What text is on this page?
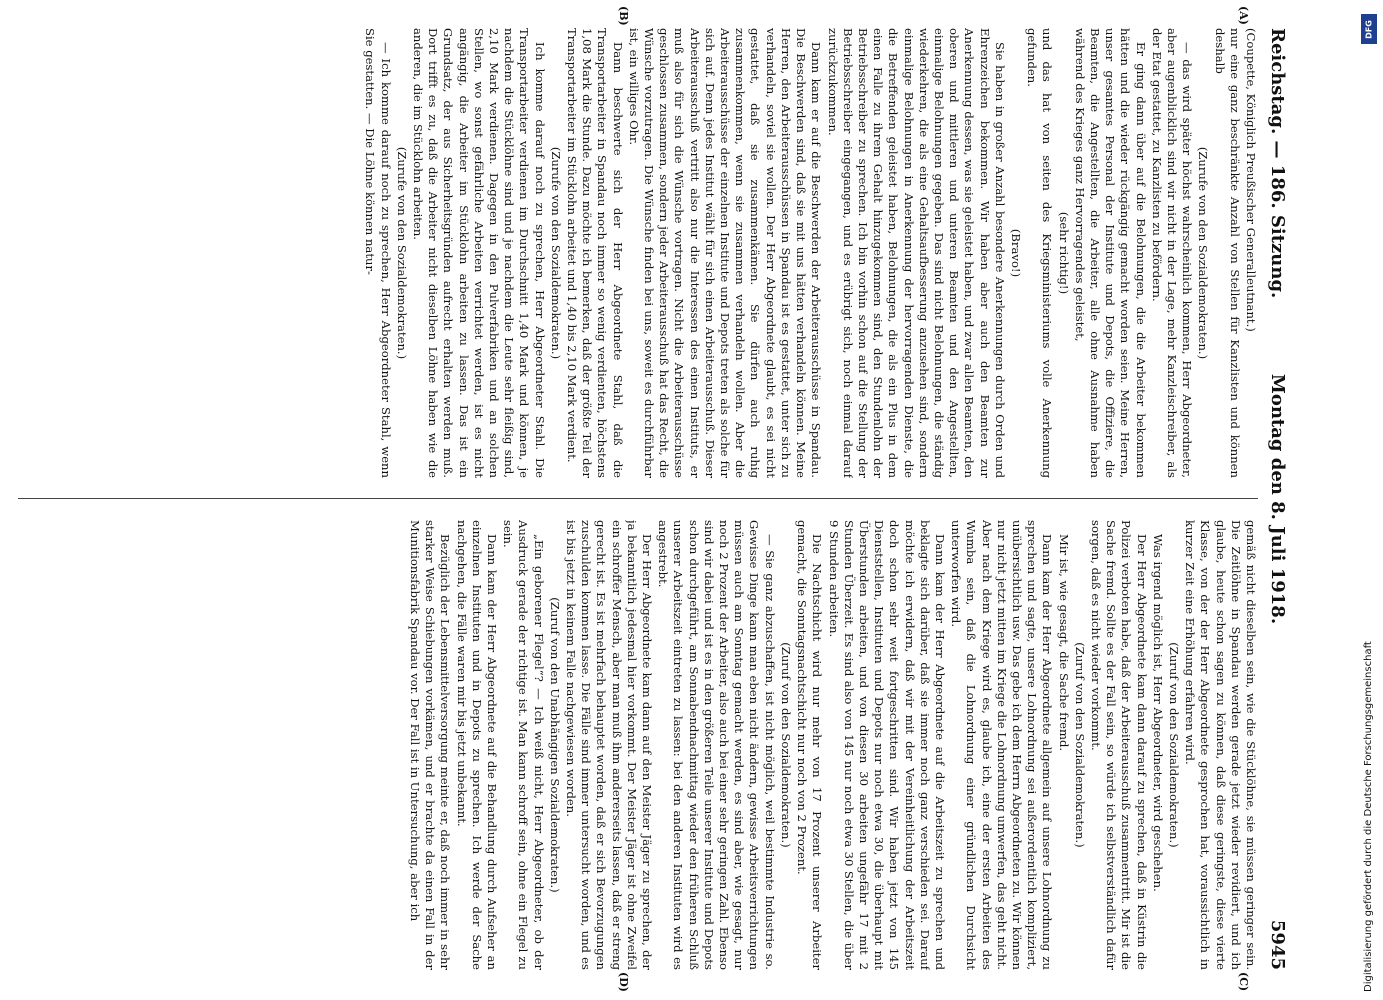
Reichstag. — 186. Sitzung.
Montag den 8. Juli 1918.
5945

(Coupette, Königlich Preußischer Generalleutnant.)

nur eine ganz beschränkte Anzahl von Stellen für Kanzlisten und können deshalb

(Zurufe von den Sozialdemokraten.)

— das wird später höchst wahrscheinlich kommen, Herr Abgeordneter, aber augenblicklich sind wir nicht in der Lage, mehr Kanzleischreiber, als der Etat gestattet, zu Kanzlisten zu befördern.

Er ging dann über auf die Belohnungen, die die Arbeiter bekommen hätten und die wieder rückgängig gemacht worden seien. Meine Herren, unser gesamtes Personal der Institute und Depots, die Offiziere, die Beamten, die Angestellten, die Arbeiter, alle ohne Ausnahme haben während des Krieges ganz Hervorragendes geleistet,

(sehr richtig!)

und das hat von seiten des Kriegsministeriums volle Anerkennung gefunden.

(Bravo!)

Sie haben in großer Anzahl besondere Anerkennungen durch Orden und Ehrenzeichen bekommen. Wir haben aber auch den Beamten zur Anerkennung dessen, was sie geleistet haben, und zwar allen Beamten, den oberen und mittleren und unteren Beamten und den Angestellten, einmalige Belohnungen gegeben. Das sind nicht Belohnungen, die ständig wiederkehren, die als eine Gehaltsaufbesserung anzusehen sind, sondern einmalige Belohnungen in Anerkennung der hervorragenden Dienste, die die Betreffenden geleistet haben, Belohnungen, die als ein Plus in dem einen Falle zu ihrem Gehalt hinzugekommen sind, den Stundenlohn der Betriebsschreiber zu sprechen. Ich bin vorhin schon auf die Stellung der Betriebsschreiber eingegangen, und es erübrigt sich, noch einmal darauf zurückzukommen.

Dann kam er auf die Beschwerden der Arbeiterausschüsse in Spandau. Die Beschwerden sind, daß sie mit uns hätten verhandeln können. Meine Herren, den Arbeiterausschüssen in Spandau ist es gestattet, unter sich zu verhandeln, soviel sie wollen. Der Herr Abgeordnete glaubt, es sei nicht gestattet, daß sie zusammenkämen. Sie dürfen auch ruhig zusammenkommen, wenn sie zusammen verhandeln wollen. Aber die Arbeiterausschüsse der einzelnen Institute und Depots treten als solche für sich auf. Denn jedes Institut wählt für sich einen Arbeiterausschuß. Dieser Arbeiterausschuß vertritt also nur die Interessen des einen Instituts, er muß also für sich die Wünsche vortragen. Nicht die Arbeiterausschüsse geschlossen zusammen, sondern jeder Arbeiterausschuß hat das Recht, die Wünsche vorzutragen. Die Wünsche finden bei uns, soweit es durchführbar ist, ein williges Ohr.

Dann beschwerte sich der Herr Abgeordnete Stahl, daß die Transportarbeiter in Spandau noch immer so wenig verdienten, höchstens 1,08 Mark die Stunde. Dazu möchte ich bemerken, daß der größte Teil der Transportarbeiter im Stücklohn arbeitet und 1,40 bis 2,10 Mark verdient.

(Zurufe von den Sozialdemokraten.)

Ich komme darauf noch zu sprechen, Herr Abgeordneter Stahl. Die Transportarbeiter verdienen im Durchschnitt 1,40 Mark und können, je nachdem die Stücklöhne sind und je nachdem die Leute sehr fleißig sind, 2,10 Mark verdienen. Dagegen in den Pulverfabriken und an solchen Stellen, wo sonst gefährliche Arbeiten verrichtet werden, ist es nicht angängig, die Arbeiter im Stücklohn arbeiten zu lassen. Das ist ein Grundsatz, der aus Sicherheitsgründen aufrecht erhalten werden muß. Dort trifft es zu, daß die Arbeiter nicht dieselben Löhne haben wie die anderen, die im Stücklohn arbeiten.

(Zurufe von den Sozialdemokraten.)

— Ich komme darauf noch zu sprechen, Herr Abgeordneter Stahl, wenn Sie gestatten. — Die Löhne können natur-

gemäß nicht dieselben sein, wie die Stücklöhne, sie müssen geringer sein. Die Zeitlöhne in Spandau werden gerade jetzt wieder revidiert, und ich glaube, heute schon sagen zu können, daß diese geringste, diese vierte Klasse, von der der Herr Abgeordnete gesprochen hat, voraussichtlich in kurzer Zeit eine Erhöhung erfahren wird.

(Zuruf von den Sozialdemokraten.)

Was irgend möglich ist, Herr Abgeordneter, wird geschehen.

Der Herr Abgeordnete kam dann darauf zu sprechen, daß in Küstrin die Polizei verboten habe, daß der Arbeiterausschuß zusammentritt. Mir ist die Sache fremd. Sollte es der Fall sein, so würde ich selbstverständlich dafür sorgen, daß es nicht wieder vorkommt.

(Zuruf von den Sozialdemokraten.)

Mir ist, wie gesagt, die Sache fremd.

Dann kam der Herr Abgeordnete allgemein auf unsere Lohnordnung zu sprechen und sagte, unsere Lohnordnung sei außerordentlich kompliziert, unübersichtlich usw. Das gebe ich dem Herrn Abgeordneten zu. Wir können nur nicht jetzt mitten im Kriege die Lohnordnung umwerfen, das geht nicht. Aber nach dem Kriege wird es, glaube ich, eine der ersten Arbeiten des Wumba sein, daß die Lohnordnung einer gründlichen Durchsicht unterworfen wird.

Dann kam der Herr Abgeordnete auf die Arbeitszeit zu sprechen und beklagte sich darüber, daß sie immer noch ganz verschieden sei. Darauf möchte ich erwidern, daß wir mit der Vereinheitlichung der Arbeitszeit doch schon sehr weit fortgeschritten sind. Wir haben jetzt von 145 Dienststellen, Instituten und Depots nur noch etwa 30, die überhaupt mit Überstunden arbeiten, und von diesen 30 arbeiten ungefähr 17 mit 2 Stunden Überzeit. Es sind also von 145 nur noch etwa 30 Stellen, die über 9 Stunden arbeiten.

Die Nachtschicht wird nur mehr von 17 Prozent unserer Arbeiter gemacht, die Sonntagsnachtschicht nur noch von 2 Prozent.

(Zuruf von den Sozialdemokraten.)

— Sie ganz abzuschaffen, ist nicht möglich, weil bestimmte Industrie so. Gewisse Dinge kann man eben nicht ändern, gewisse Arbeitsverrichtungen müssen auch am Sonntag gemacht werden, es sind aber, wie gesagt, nur noch 2 Prozent der Arbeiter, also auch bei einer sehr geringen Zahl. Ebenso sind wir dabei und ist es in den größeren Teile unserer Institute und Depots schon durchgeführt, am Sonnabendnachmittag wieder den früheren Schluß unserer Arbeitszeit eintreten zu lassen: bei den anderen Instituten wird es angestrebt.

Der Herr Abgeordnete kam dann auf den Meister Jäger zu sprechen, der ja bekanntlich jedesmal hier vorkommt. Der Meister Jäger ist ohne Zweifel ein schroffer Mensch, aber man muß ihm andererseits lassen, daß er streng gerecht ist. Es ist mehrfach behauptet worden, daß er sich Bevorzugungen zuschulden kommen lasse. Die Fälle sind immer untersucht worden, und es ist bis jetzt in keinem Falle nachgewiesen worden.

(Zuruf von den Unabhängigen Sozialdemokraten.)

„Ein geborener Flegel“? — Ich weiß nicht, Herr Abgeordneter, ob der Ausdruck gerade der richtige ist. Man kann schroff sein, ohne ein Flegel zu sein.

Dann kam der Herr Abgeordnete auf die Behandlung durch Aufseher an einzelnen Instituten und in Depots zu sprechen. Ich werde der Sache nachgehen, die Fälle waren mir bis jetzt unbekannt.

Bezüglich der Lebensmittelversorgung meinte er, daß noch immer in sehr starker Weise Schiebungen vorkämen, und er brachte da einen Fall in der Munitionsfabrik Spandau vor. Der Fall ist in Untersuchung, aber ich

(A)
(B)
(C)
(D)	Digitalisierung gefördert durch die Deutsche Forschungsgemeinschaft
DFG
